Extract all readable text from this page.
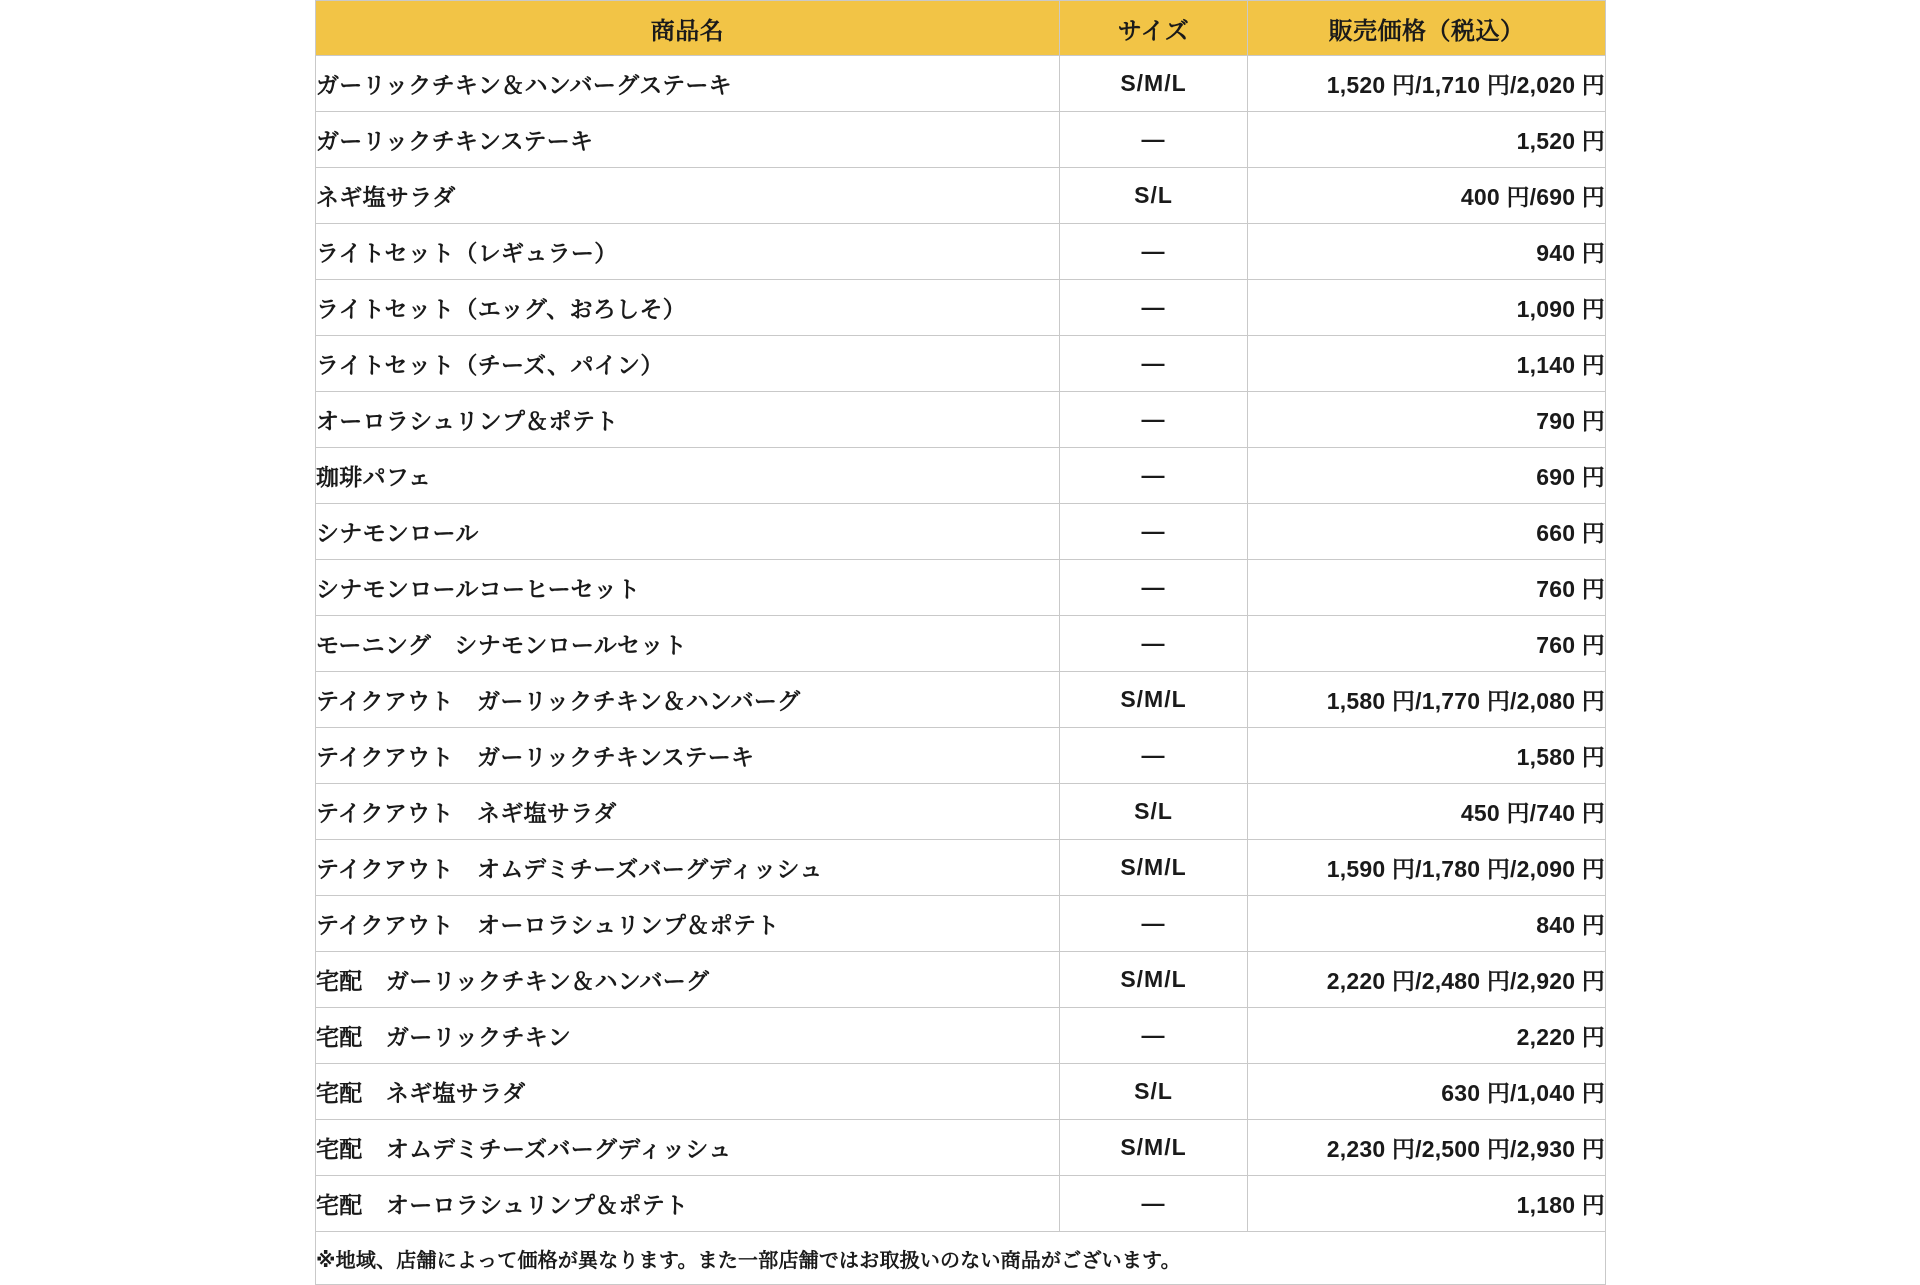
商品名	サイズ	販売価格（税込）
ガーリックチキン＆ハンバーグステーキ	S/M/L	1,520 円/1,710 円/2,020 円
ガーリックチキンステーキ	—	1,520 円
ネギ塩サラダ	S/L	400 円/690 円
ライトセット（レギュラー）	—	940 円
ライトセット（エッグ、おろしそ）	—	1,090 円
ライトセット（チーズ、パイン）	—	1,140 円
オーロラシュリンプ＆ポテト	—	790 円
珈琲パフェ	—	690 円
シナモンロール	—	660 円
シナモンロールコーヒーセット	—	760 円
モーニング　シナモンロールセット	—	760 円
テイクアウト　ガーリックチキン＆ハンバーグ	S/M/L	1,580 円/1,770 円/2,080 円
テイクアウト　ガーリックチキンステーキ	—	1,580 円
テイクアウト　ネギ塩サラダ	S/L	450 円/740 円
テイクアウト　オムデミチーズバーグディッシュ	S/M/L	1,590 円/1,780 円/2,090 円
テイクアウト　オーロラシュリンプ＆ポテト	—	840 円
宅配　ガーリックチキン＆ハンバーグ	S/M/L	2,220 円/2,480 円/2,920 円
宅配　ガーリックチキン	—	2,220 円
宅配　ネギ塩サラダ	S/L	630 円/1,040 円
宅配　オムデミチーズバーグディッシュ	S/M/L	2,230 円/2,500 円/2,930 円
宅配　オーロラシュリンプ＆ポテト	—	1,180 円
※地域、店舗によって価格が異なります。また一部店舗ではお取扱いのない商品がございます。		
